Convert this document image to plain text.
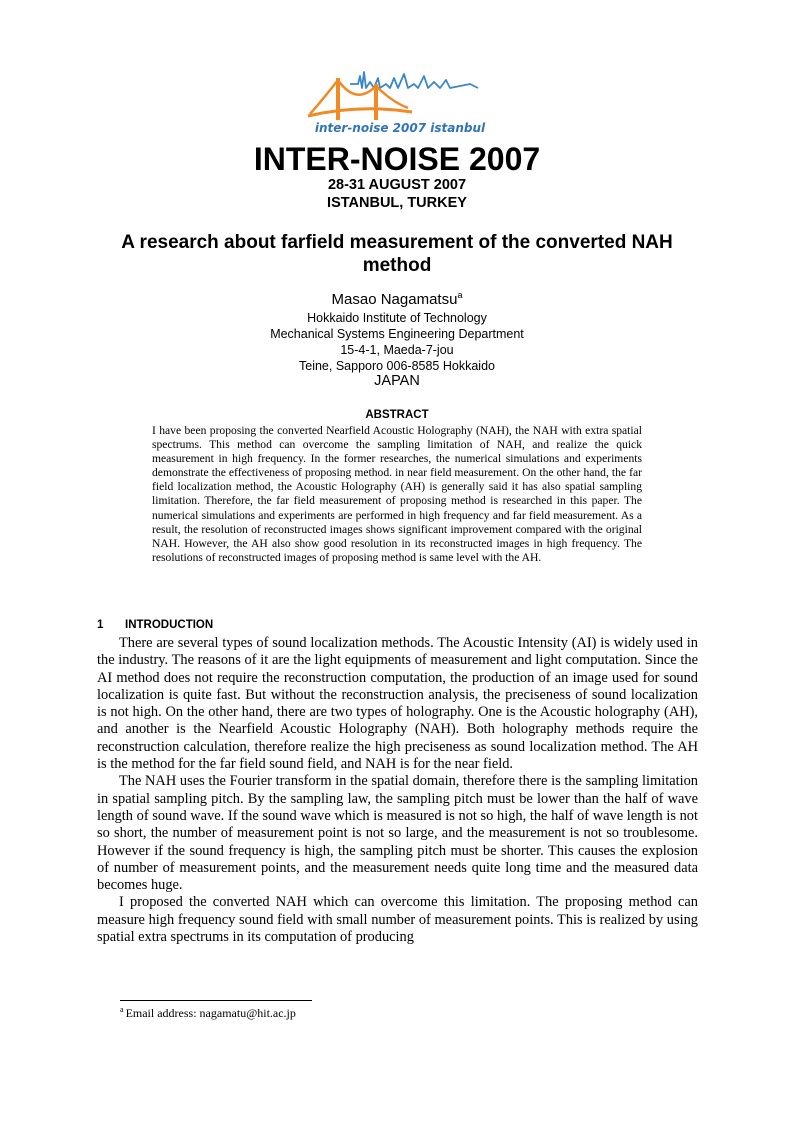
inter-noise 2007 istanbul
INTER-NOISE 2007
28-31 AUGUST 2007
ISTANBUL, TURKEY
A research about farfield measurement of the converted NAH method
Masao Nagamatsu$^a$
Hokkaido Institute of Technology
Mechanical Systems Engineering Department
15-4-1, Maeda-7-jou
Teine, Sapporo 006-8585 Hokkaido
JAPAN
ABSTRACT

I have been proposing the converted Nearfield Acoustic Holography (NAH), the NAH with extra spatial spectrums. This method can overcome the sampling limitation of NAH, and realize the quick measurement in high frequency. In the former researches, the numerical simulations and experiments demonstrate the effectiveness of proposing method. in near field measurement. On the other hand, the far field localization method, the Acoustic Holography (AH) is generally said it has also spatial sampling limitation. Therefore, the far field measurement of proposing method is researched in this paper. The numerical simulations and experiments are performed in high frequency and far field measurement. As a result, the resolution of reconstructed images shows significant improvement compared with the original NAH. However, the AH also show good resolution in its reconstructed images in high frequency. The resolutions of reconstructed images of proposing method is same level with the AH.

1 INTRODUCTION

There are several types of sound localization methods. The Acoustic Intensity (AI) is widely used in the industry. The reasons of it are the light equipments of measurement and light computation. Since the AI method does not require the reconstruction computation, the production of an image used for sound localization is quite fast. But without the reconstruction analysis, the preciseness of sound localization is not high. On the other hand, there are two types of holography. One is the Acoustic holography (AH), and another is the Nearfield Acoustic Holography (NAH). Both holography methods require the reconstruction calculation, therefore realize the high preciseness as sound localization method. The AH is the method for the far field sound field, and NAH is for the near field.

The NAH uses the Fourier transform in the spatial domain, therefore there is the sampling limitation in spatial sampling pitch. By the sampling law, the sampling pitch must be lower than the half of wave length of sound wave. If the sound wave which is measured is not so high, the half of wave length is not so short, the number of measurement point is not so large, and the measurement is not so troublesome. However if the sound frequency is high, the sampling pitch must be shorter. This causes the explosion of number of measurement points, and the measurement needs quite long time and the measured data becomes huge.

I proposed the converted NAH which can overcome this limitation. The proposing method can measure high frequency sound field with small number of measurement points. This is realized by using spatial extra spectrums in its computation of producing

$^a$ Email address: nagamatu@hit.ac.jp
